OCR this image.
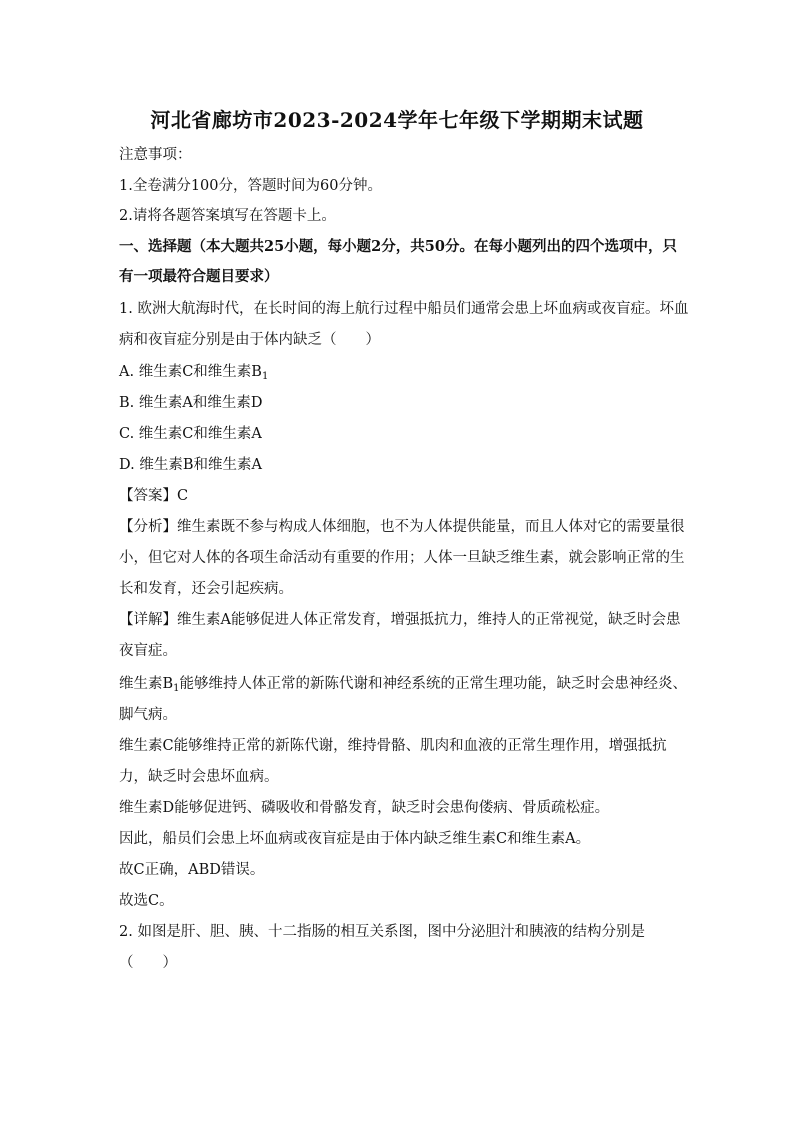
河北省廊坊市2023-2024学年七年级下学期期末试题
注意事项：
1.全卷满分100分，答题时间为60分钟。
2.请将各题答案填写在答题卡上。
一、选择题（本大题共25小题，每小题2分，共50分。在每小题列出的四个选项中，只
有一项最符合题目要求）
1. 欧洲大航海时代，在长时间的海上航行过程中船员们通常会患上坏血病或夜盲症。坏血
病和夜盲症分别是由于体内缺乏（　　）
A. 维生素C和维生素$B_1$
B. 维生素A和维生素D
C. 维生素C和维生素A
D. 维生素B和维生素A
【答案】C
【分析】维生素既不参与构成人体细胞，也不为人体提供能量，而且人体对它的需要量很
小，但它对人体的各项生命活动有重要的作用；人体一旦缺乏维生素，就会影响正常的生
长和发育，还会引起疾病。
【详解】维生素A能够促进人体正常发育，增强抵抗力，维持人的正常视觉，缺乏时会患
夜盲症。
维生素$B_1$能够维持人体正常的新陈代谢和神经系统的正常生理功能，缺乏时会患神经炎、
脚气病。
维生素C能够维持正常的新陈代谢，维持骨骼、肌肉和血液的正常生理作用，增强抵抗
力，缺乏时会患坏血病。
维生素D能够促进钙、磷吸收和骨骼发育，缺乏时会患佝偻病、骨质疏松症。
因此，船员们会患上坏血病或夜盲症是由于体内缺乏维生素C和维生素A。
故C正确，ABD错误。
故选C。
2. 如图是肝、胆、胰、十二指肠的相互关系图，图中分泌胆汁和胰液的结构分别是
（　　）
